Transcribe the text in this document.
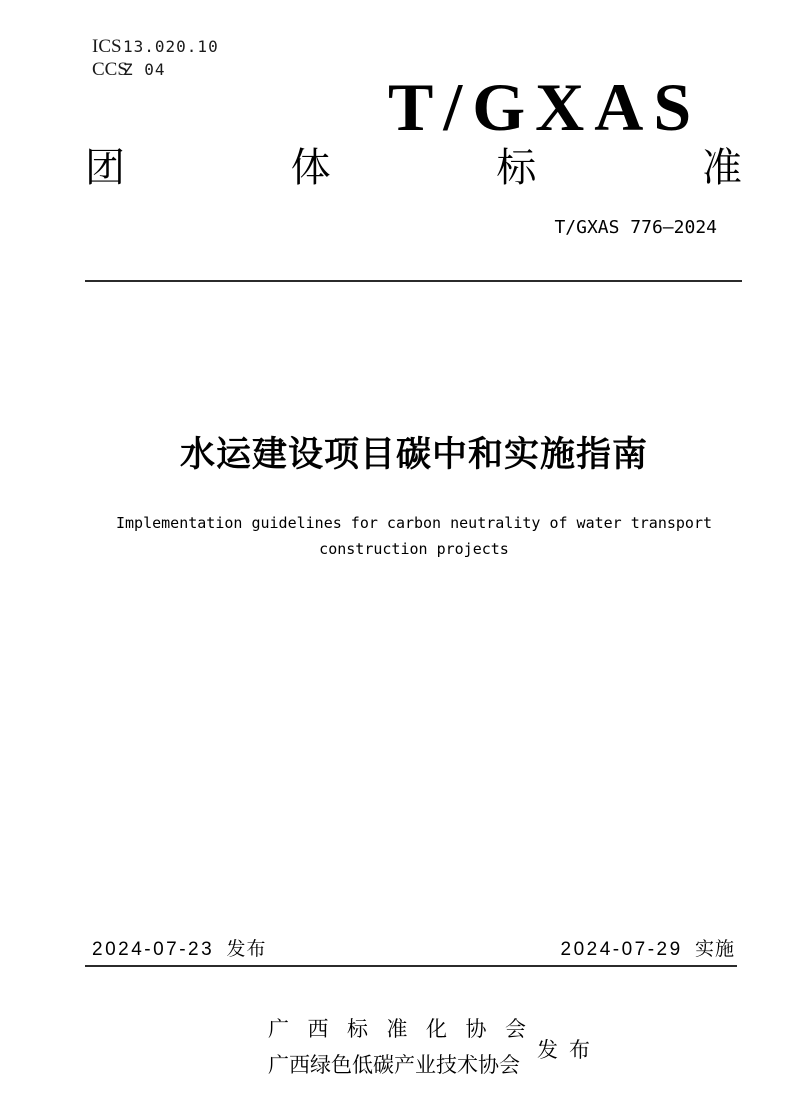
ICS 13.020.10
CCS
Z 04	T/GXAS
团体标准
T/GXAS 776—2024
水运建设项目碳中和实施指南
Implementation guidelines for carbon neutrality of water transport
construction projects
2024-07-23 发布	2024-07-29 实施
广西标准化协会
广西绿色低碳产业技术协会
发布
